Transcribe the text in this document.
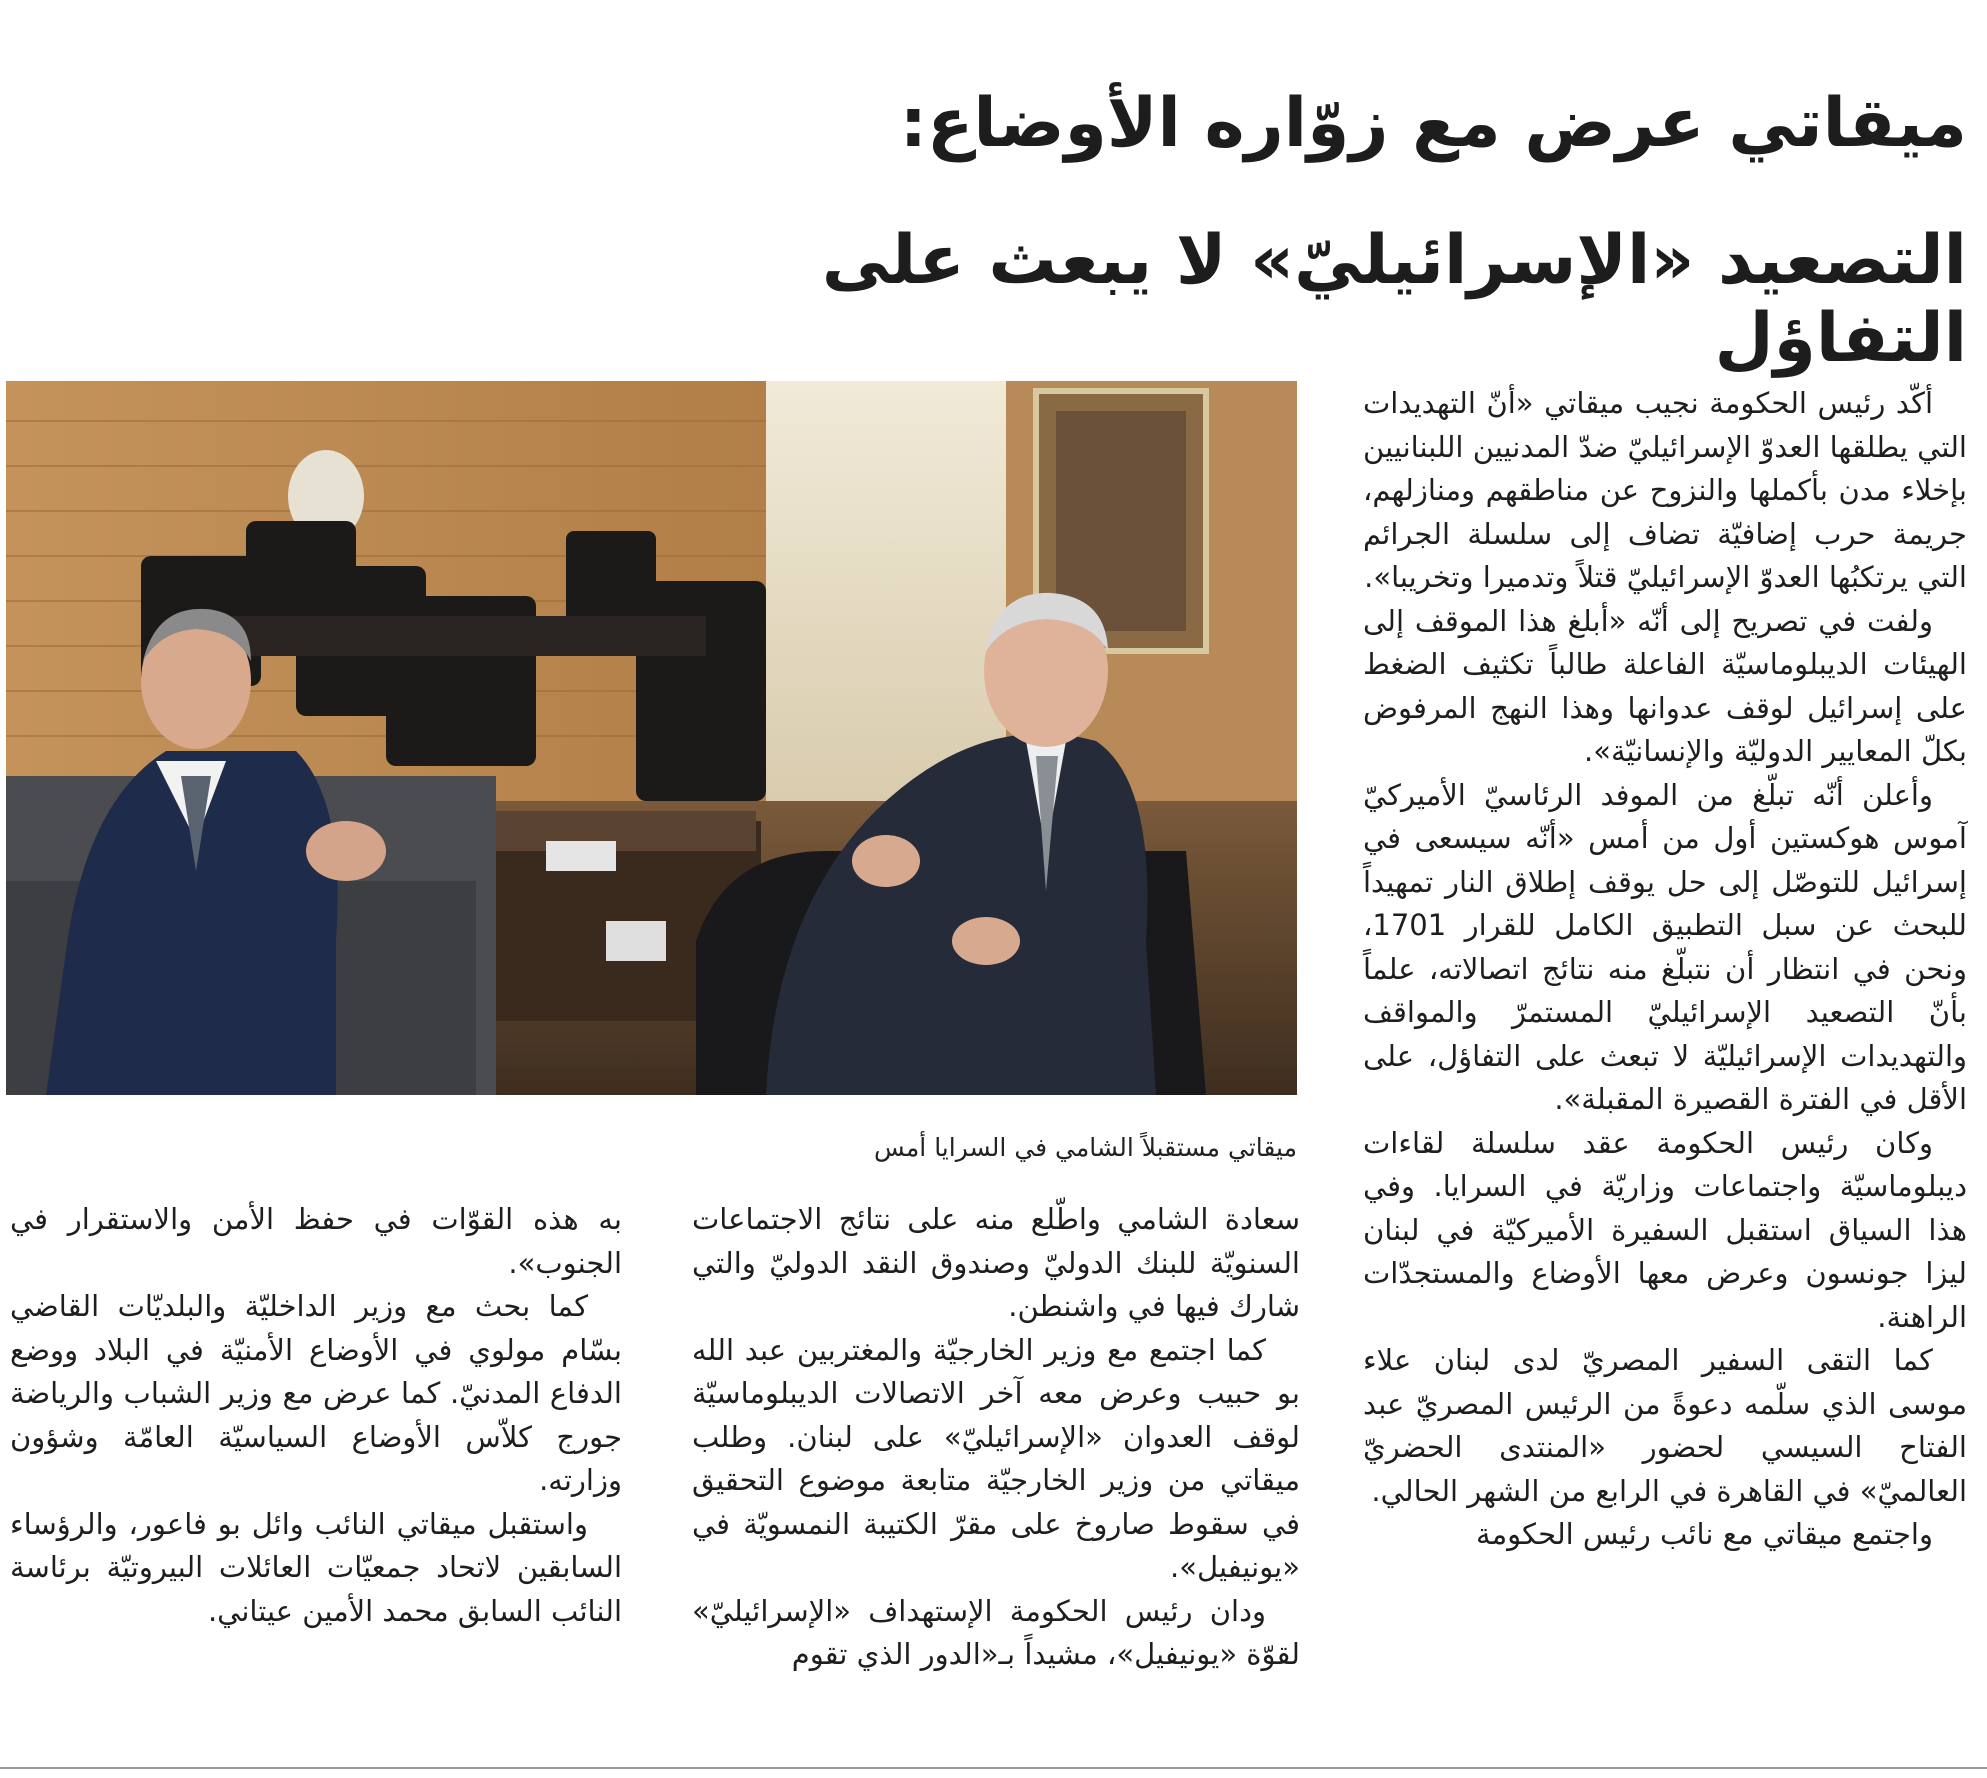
ميقاتي عرض مع زوّاره الأوضاع:
التصعيد «الإسرائيليّ» لا يبعث على التفاؤل

أكّد رئيس الحكومة نجيب ميقاتي «أنّ التهديدات التي يطلقها العدوّ الإسرائيليّ ضدّ المدنيين اللبنانيين بإخلاء مدن بأكملها والنزوح عن مناطقهم ومنازلهم، جريمة حرب إضافيّة تضاف إلى سلسلة الجرائم التي يرتكبُها العدوّ الإسرائيليّ قتلاً وتدميرا وتخريبا».

ولفت في تصريح إلى أنّه «أبلغ هذا الموقف إلى الهيئات الديبلوماسيّة الفاعلة طالباً تكثيف الضغط على إسرائيل لوقف عدوانها وهذا النهج المرفوض بكلّ المعايير الدوليّة والإنسانيّة».

وأعلن أنّه تبلّغ من الموفد الرئاسيّ الأميركيّ آموس هوكستين أول من أمس «أنّه سيسعى في إسرائيل للتوصّل إلى حل يوقف إطلاق النار تمهيداً للبحث عن سبل التطبيق الكامل للقرار 1701، ونحن في انتظار أن نتبلّغ منه نتائج اتصالاته، علماً بأنّ التصعيد الإسرائيليّ المستمرّ والمواقف والتهديدات الإسرائيليّة لا تبعث على التفاؤل، على الأقل في الفترة القصيرة المقبلة».

وكان رئيس الحكومة عقد سلسلة لقاءات ديبلوماسيّة واجتماعات وزاريّة في السرايا. وفي هذا السياق استقبل السفيرة الأميركيّة في لبنان ليزا جونسون وعرض معها الأوضاع والمستجدّات الراهنة.

كما التقى السفير المصريّ لدى لبنان علاء موسى الذي سلّمه دعوةً من الرئيس المصريّ عبد الفتاح السيسي لحضور «المنتدى الحضريّ العالميّ» في القاهرة في الرابع من الشهر الحالي.

واجتمع ميقاتي مع نائب رئيس الحكومة

ميقاتي مستقبلاً الشامي في السرايا أمس

سعادة الشامي واطّلع منه على نتائج الاجتماعات السنويّة للبنك الدوليّ وصندوق النقد الدوليّ والتي شارك فيها في واشنطن.

كما اجتمع مع وزير الخارجيّة والمغتربين عبد الله بو حبيب وعرض معه آخر الاتصالات الديبلوماسيّة لوقف العدوان «الإسرائيليّ» على لبنان. وطلب ميقاتي من وزير الخارجيّة متابعة موضوع التحقيق في سقوط صاروخ على مقرّ الكتيبة النمسويّة في «يونيفيل».

ودان رئيس الحكومة الإستهداف «الإسرائيليّ» لقوّة «يونيفيل»، مشيداً بـ«الدور الذي تقوم

به هذه القوّات في حفظ الأمن والاستقرار في الجنوب».

كما بحث مع وزير الداخليّة والبلديّات القاضي بسّام مولوي في الأوضاع الأمنيّة في البلاد ووضع الدفاع المدنيّ. كما عرض مع وزير الشباب والرياضة جورج كلاّس الأوضاع السياسيّة العامّة وشؤون وزارته.

واستقبل ميقاتي النائب وائل بو فاعور، والرؤساء السابقين لاتحاد جمعيّات العائلات البيروتيّة برئاسة النائب السابق محمد الأمين عيتاني.
